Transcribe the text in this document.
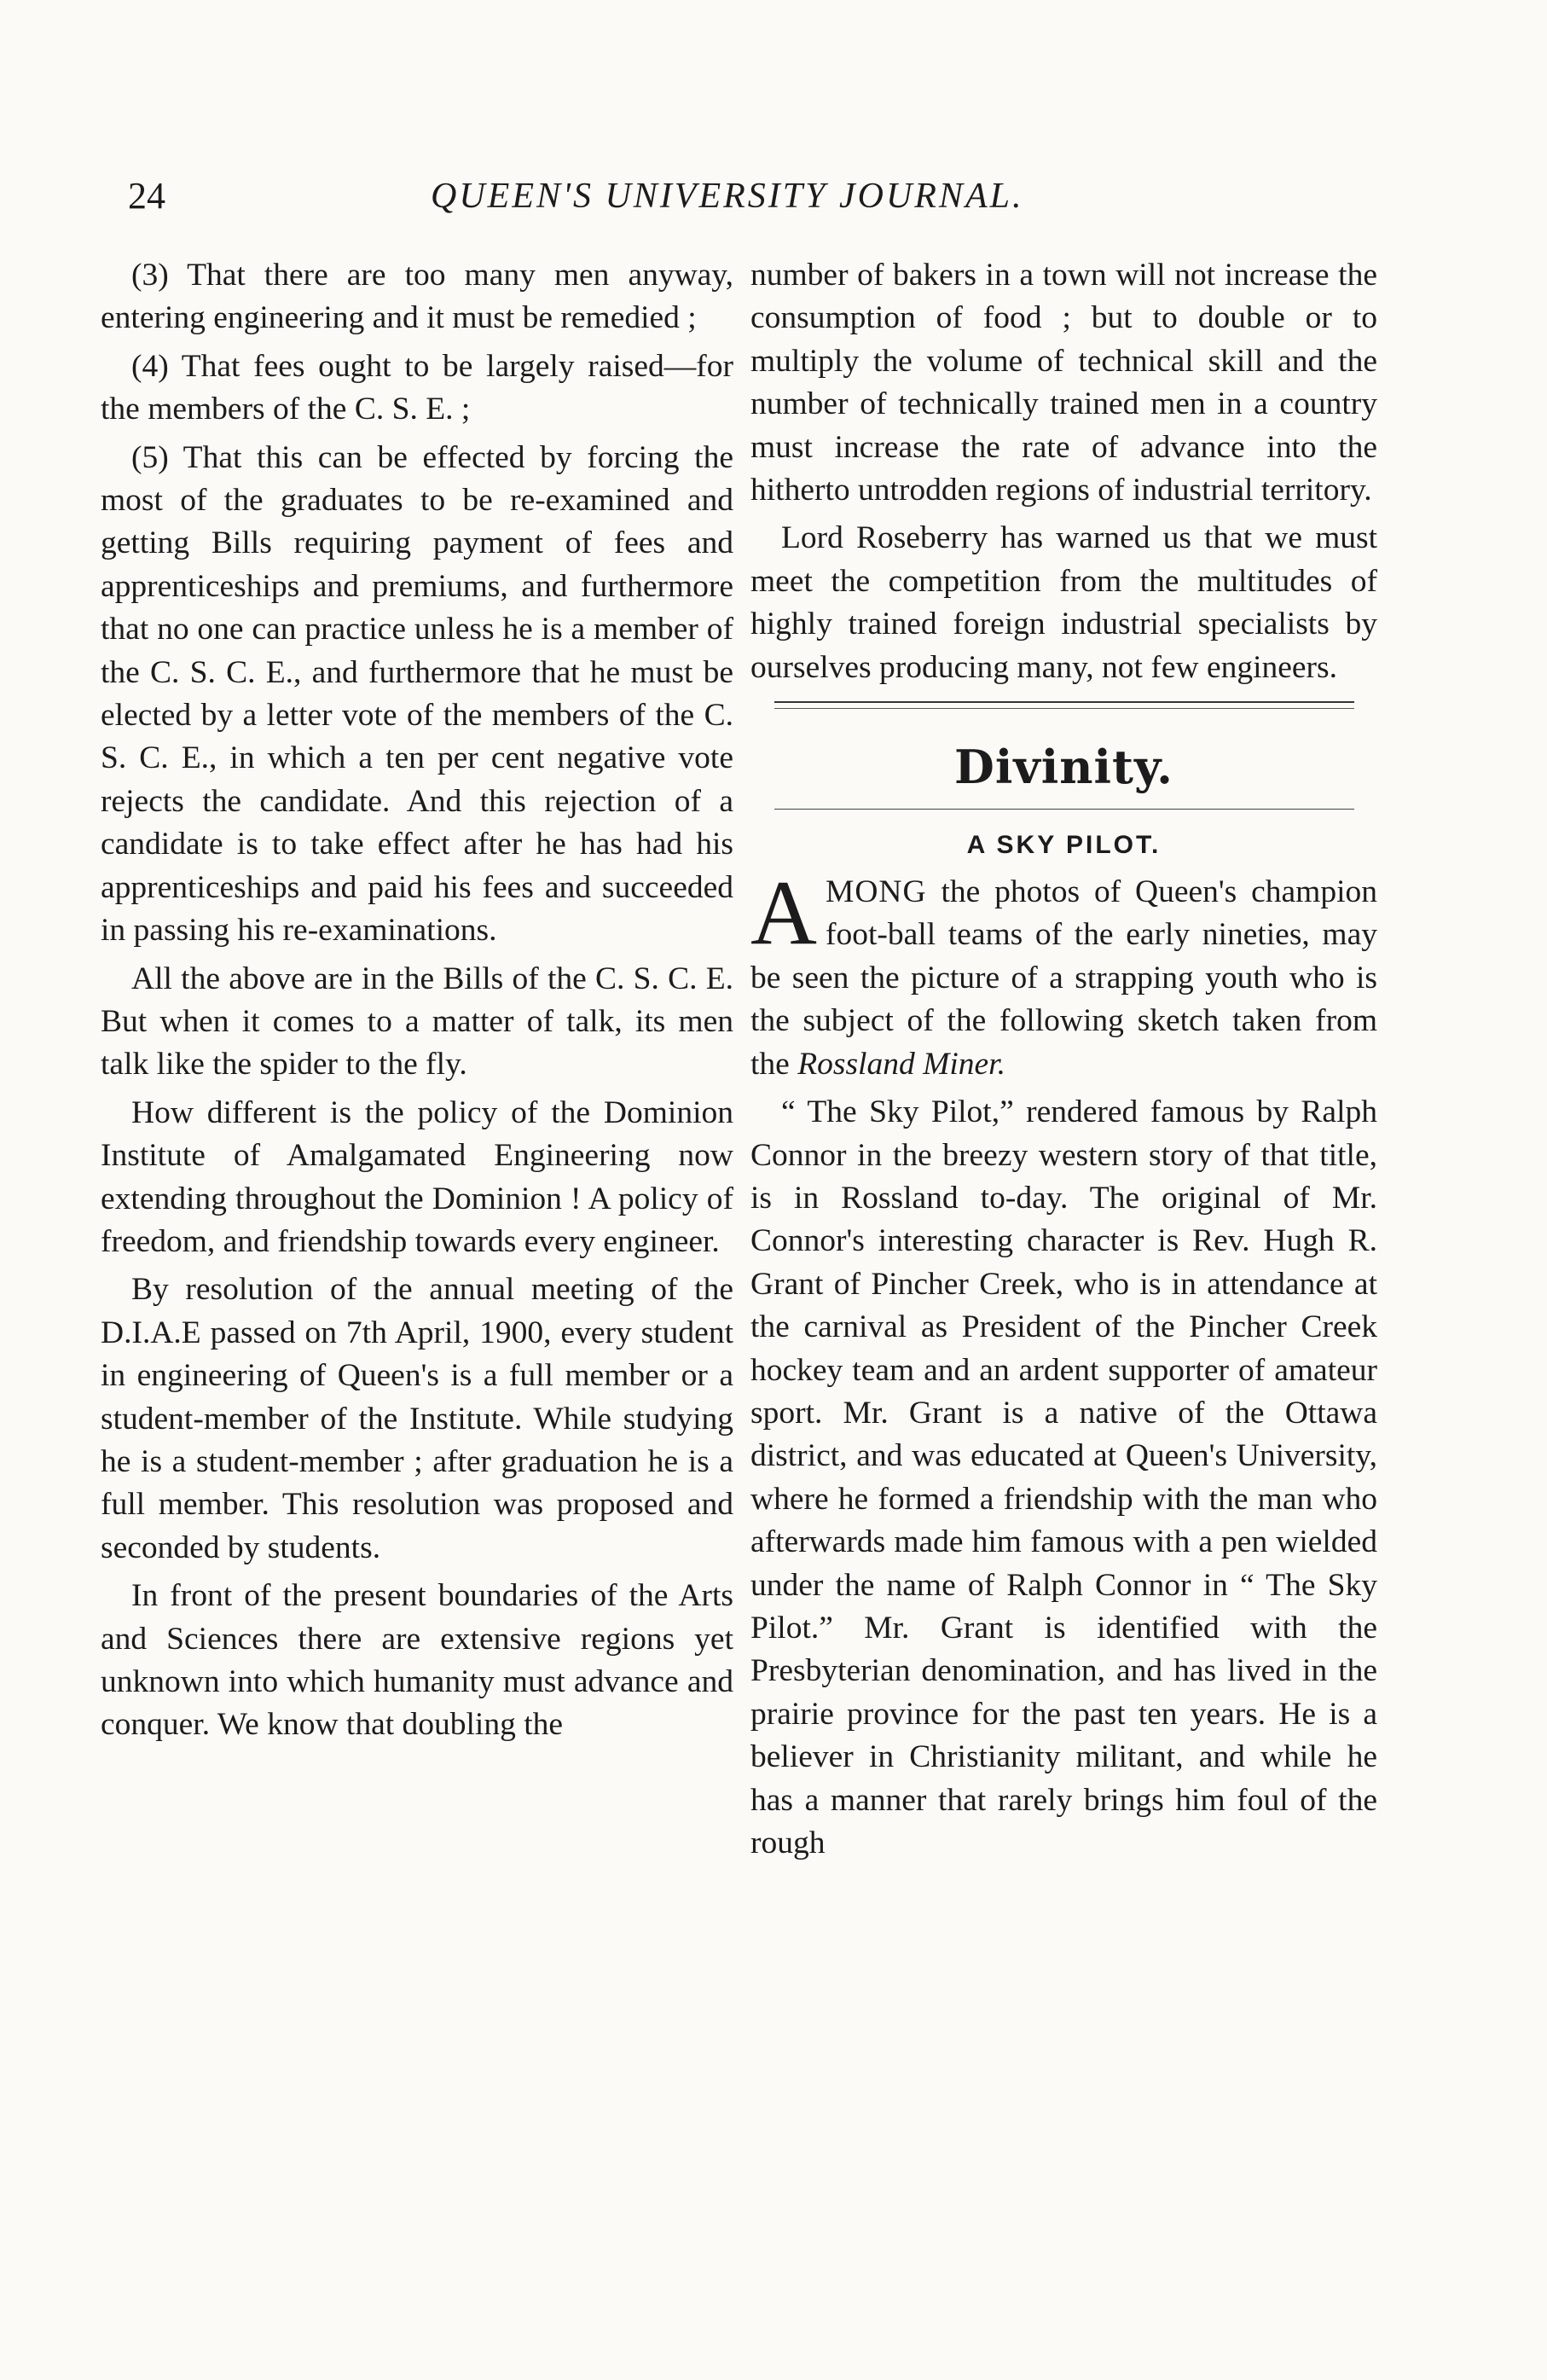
24	QUEEN'S UNIVERSITY JOURNAL.

(3) That there are too many men anyway, entering engineering and it must be remedied ;

(4) That fees ought to be largely raised—for the members of the C. S. E. ;

(5) That this can be effected by forcing the most of the graduates to be re-examined and getting Bills requiring payment of fees and apprenticeships and premiums, and furthermore that no one can practice unless he is a member of the C. S. C. E., and furthermore that he must be elected by a letter vote of the members of the C. S. C. E., in which a ten per cent negative vote rejects the candidate. And this rejection of a candidate is to take effect after he has had his apprenticeships and paid his fees and succeeded in passing his re-examinations.

All the above are in the Bills of the C. S. C. E. But when it comes to a matter of talk, its men talk like the spider to the fly.

How different is the policy of the Dominion Institute of Amalgamated Engineering now extending throughout the Dominion ! A policy of freedom, and friendship towards every engineer.

By resolution of the annual meeting of the D.I.A.E passed on 7th April, 1900, every student in engineering of Queen's is a full member or a student-member of the Institute. While studying he is a student-member ; after graduation he is a full member. This resolution was proposed and seconded by students.

In front of the present boundaries of the Arts and Sciences there are extensive regions yet unknown into which humanity must advance and conquer. We know that doubling the

number of bakers in a town will not increase the consumption of food ; but to double or to multiply the volume of technical skill and the number of technically trained men in a country must increase the rate of advance into the hitherto untrodden regions of industrial territory.

Lord Roseberry has warned us that we must meet the competition from the multitudes of highly trained foreign industrial specialists by ourselves producing many, not few engineers.

Divinity.
A SKY PILOT.

AMONG the photos of Queen's champion foot-ball teams of the early nineties, may be seen the picture of a strapping youth who is the subject of the following sketch taken from the Rossland Miner.

“ The Sky Pilot,” rendered famous by Ralph Connor in the breezy western story of that title, is in Rossland to-day. The original of Mr. Connor's interesting character is Rev. Hugh R. Grant of Pincher Creek, who is in attendance at the carnival as President of the Pincher Creek hockey team and an ardent supporter of amateur sport. Mr. Grant is a native of the Ottawa district, and was educated at Queen's University, where he formed a friendship with the man who afterwards made him famous with a pen wielded under the name of Ralph Connor in “ The Sky Pilot.” Mr. Grant is identified with the Presbyterian denomination, and has lived in the prairie province for the past ten years. He is a believer in Christianity militant, and while he has a manner that rarely brings him foul of the rough
